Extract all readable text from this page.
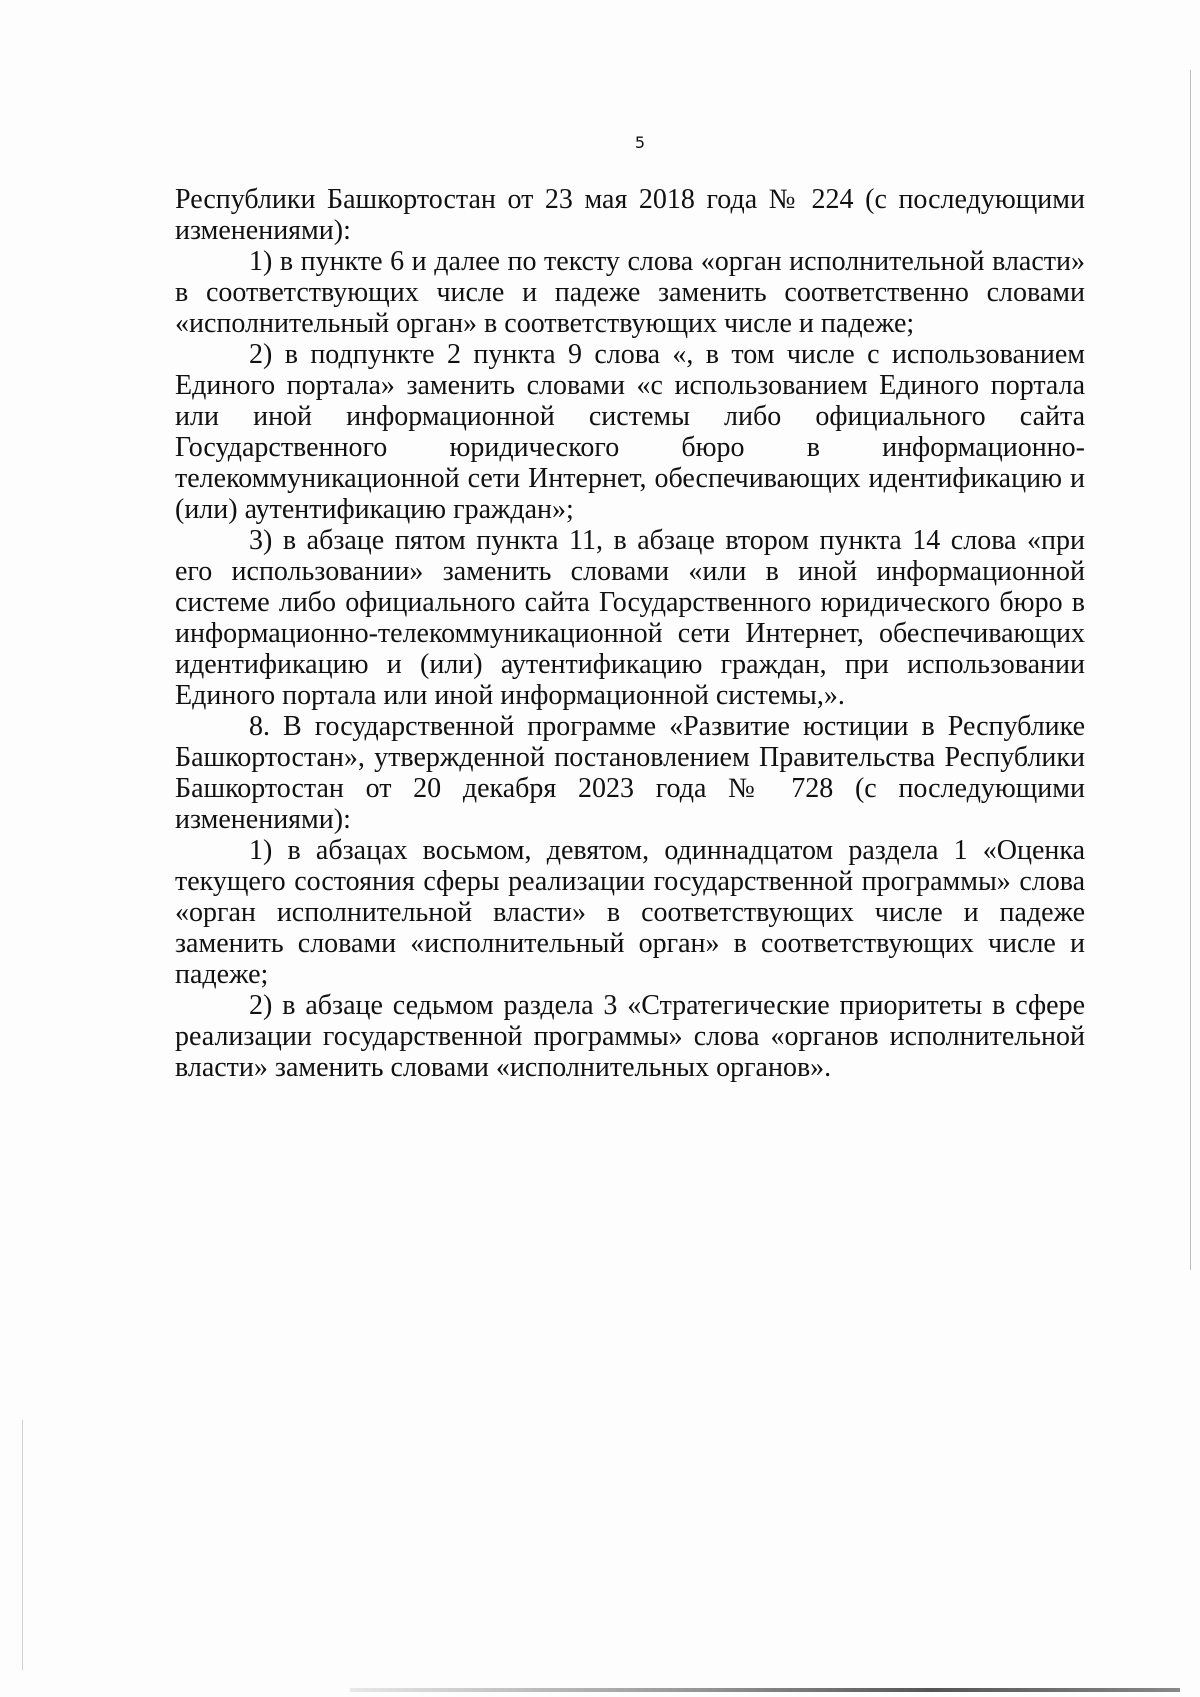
5

Республики Башкортостан от 23 мая 2018 года № 224 (с последующими изменениями):

1) в пункте 6 и далее по тексту слова «орган исполнительной власти» в соответствующих числе и падеже заменить соответственно словами «исполнительный орган» в соответствующих числе и падеже;

2) в подпункте 2 пункта 9 слова «, в том числе с использованием Единого портала» заменить словами «с использованием Единого портала или иной информационной системы либо официального сайта Государственного юридического бюро в информационно-телекоммуникационной сети Интернет, обеспечивающих идентификацию и (или) аутентификацию граждан»;

3) в абзаце пятом пункта 11, в абзаце втором пункта 14 слова «при его использовании» заменить словами «или в иной информационной системе либо официального сайта Государственного юридического бюро в информационно-телекоммуникационной сети Интернет, обеспечивающих идентификацию и (или) аутентификацию граждан, при использовании Единого портала или иной информационной системы,».

8. В государственной программе «Развитие юстиции в Республике Башкортостан», утвержденной постановлением Правительства Республики Башкортостан от 20 декабря 2023 года № 728 (с последующими изменениями):

1) в абзацах восьмом, девятом, одиннадцатом раздела 1 «Оценка текущего состояния сферы реализации государственной программы» слова «орган исполнительной власти» в соответствующих числе и падеже заменить словами «исполнительный орган» в соответствующих числе и падеже;

2) в абзаце седьмом раздела 3 «Стратегические приоритеты в сфере реализации государственной программы» слова «органов исполнительной власти» заменить словами «исполнительных органов».
